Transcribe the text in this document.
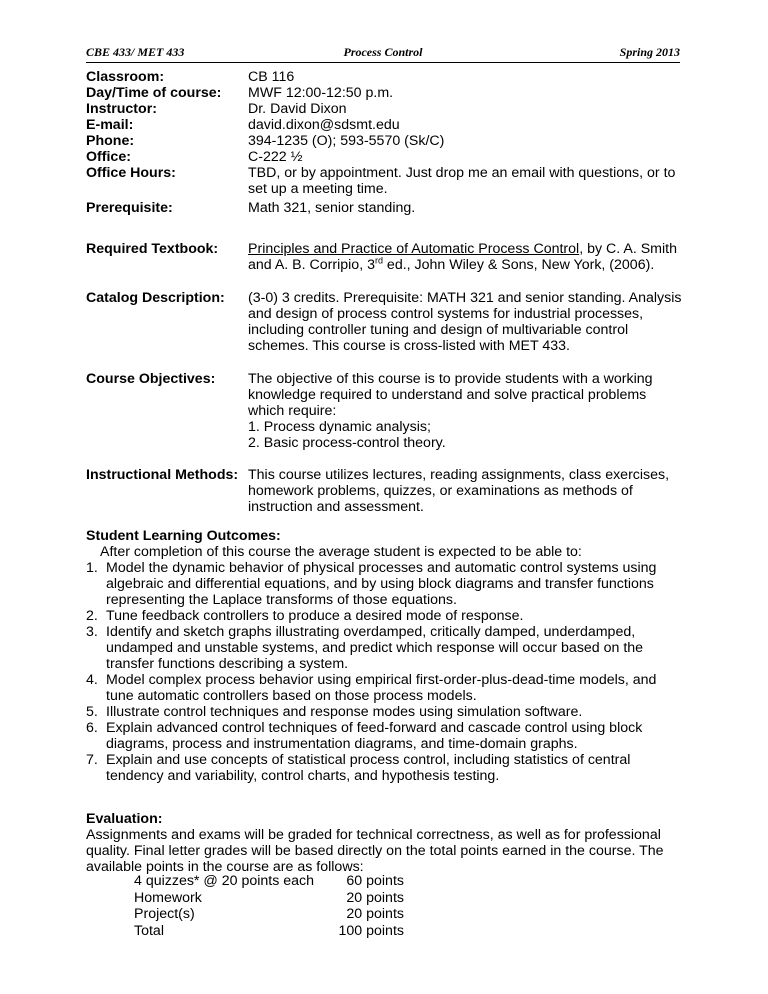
CBE 433/ MET 433	Process Control	Spring 2013
Classroom:	CB 116
Day/Time of course:	MWF 12:00-12:50 p.m.
Instructor:	Dr. David Dixon
E-mail:	david.dixon@sdsmt.edu
Phone:	394-1235 (O); 593-5570 (Sk/C)
Office:	C-222 ½
Office Hours:	TBD, or by appointment. Just drop me an email with questions, or to set up a meeting time.
Prerequisite:	Math 321, senior standing.
Required Textbook:	Principles and Practice of Automatic Process Control, by C. A. Smith and A. B. Corripio, 3rd ed., John Wiley & Sons, New York, (2006).
Catalog Description:	(3-0) 3 credits. Prerequisite: MATH 321 and senior standing. Analysis and design of process control systems for industrial processes, including controller tuning and design of multivariable control schemes. This course is cross-listed with MET 433.
Course Objectives:	The objective of this course is to provide students with a working knowledge required to understand and solve practical problems which require:
1. Process dynamic analysis;
2. Basic process-control theory.
Instructional Methods: This course utilizes lectures, reading assignments, class exercises, homework problems, quizzes, or examinations as methods of instruction and assessment.
Student Learning Outcomes:
After completion of this course the average student is expected to be able to:
1. Model the dynamic behavior of physical processes and automatic control systems using algebraic and differential equations, and by using block diagrams and transfer functions representing the Laplace transforms of those equations.
2. Tune feedback controllers to produce a desired mode of response.
3. Identify and sketch graphs illustrating overdamped, critically damped, underdamped, undamped and unstable systems, and predict which response will occur based on the transfer functions describing a system.
4. Model complex process behavior using empirical first-order-plus-dead-time models, and tune automatic controllers based on those process models.
5. Illustrate control techniques and response modes using simulation software.
6. Explain advanced control techniques of feed-forward and cascade control using block diagrams, process and instrumentation diagrams, and time-domain graphs.
7. Explain and use concepts of statistical process control, including statistics of central tendency and variability, control charts, and hypothesis testing.
Evaluation:
Assignments and exams will be graded for technical correctness, as well as for professional quality. Final letter grades will be based directly on the total points earned in the course. The available points in the course are as follows:
4 quizzes* @ 20 points each 60 points
Homework	20 points
Project(s)	20 points
Total	100 points
